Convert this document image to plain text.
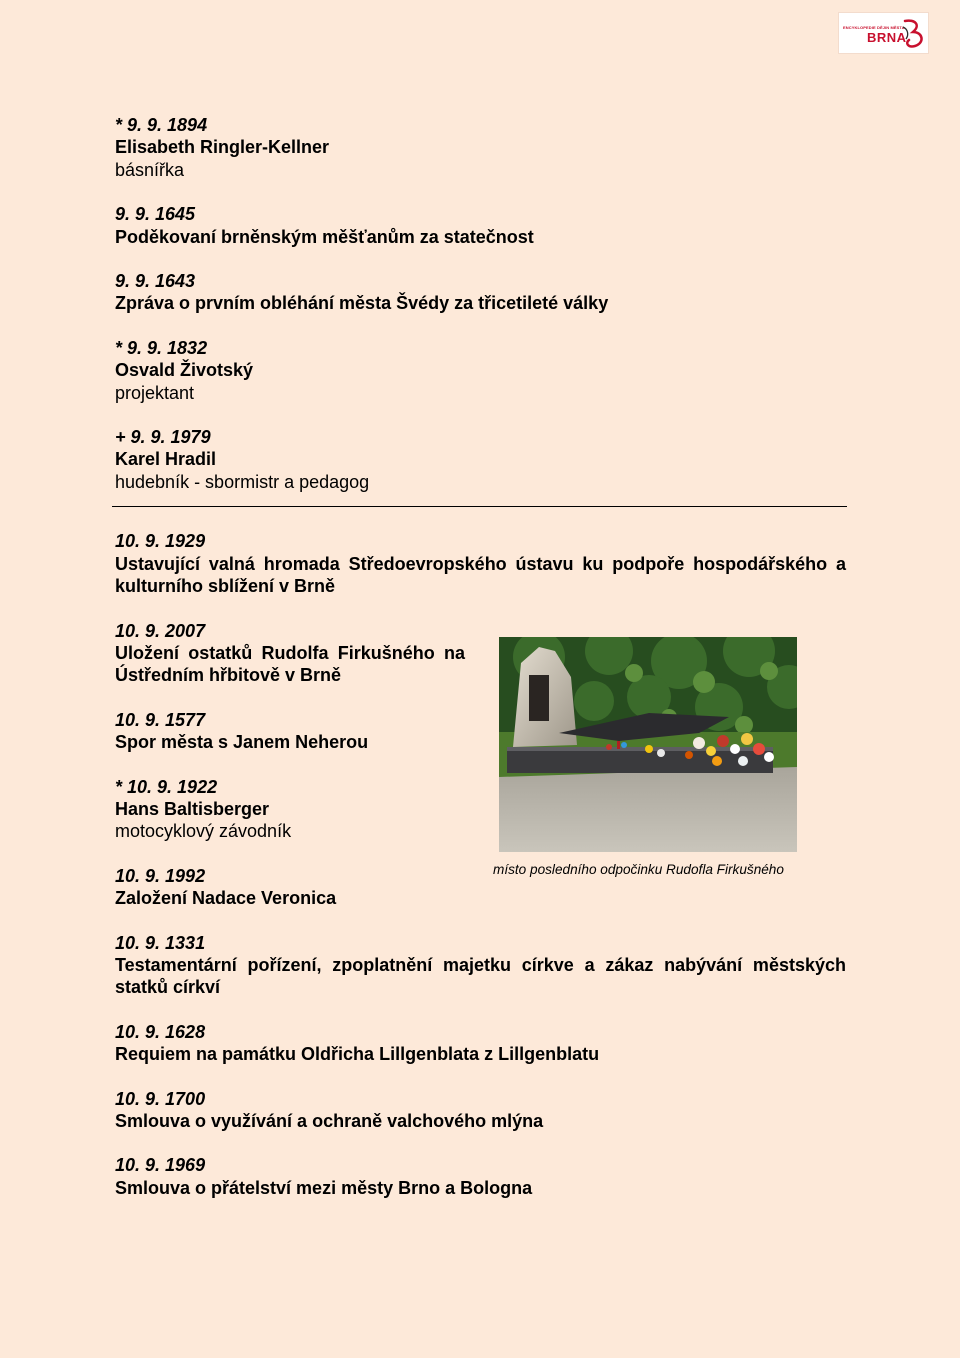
ENCYKLOPEDIE DĚJIN MĚSTA
BRNA

* 9. 9. 1894

Elisabeth Ringler-Kellner

básnířka

9. 9. 1645

Poděkovaní brněnským měšťanům za statečnost

9. 9. 1643

Zpráva o prvním obléhání města Švédy za třicetileté války

* 9. 9. 1832

Osvald Životský

projektant

+ 9. 9. 1979

Karel Hradil

hudebník - sbormistr a pedagog

10. 9. 1929

Ustavující valná hromada Středoevropského ústavu ku podpoře hospodářského a kulturního sblížení v Brně

10. 9. 2007

Uložení ostatků Rudolfa Firkušného na Ústředním hřbitově v Brně

10. 9. 1577

Spor města s Janem Neherou

* 10. 9. 1922

Hans Baltisberger

motocyklový závodník

10. 9. 1992

Založení Nadace Veronica

10. 9. 1331

Testamentární pořízení, zpoplatnění majetku církve a zákaz nabývání městských statků církví

10. 9. 1628

Requiem na památku Oldřicha Lillgenblata z Lillgenblatu

10. 9. 1700

Smlouva o využívání a ochraně valchového mlýna

10. 9. 1969

Smlouva o přátelství mezi městy Brno a Bologna

místo posledního odpočinku Rudofla Firkušného
